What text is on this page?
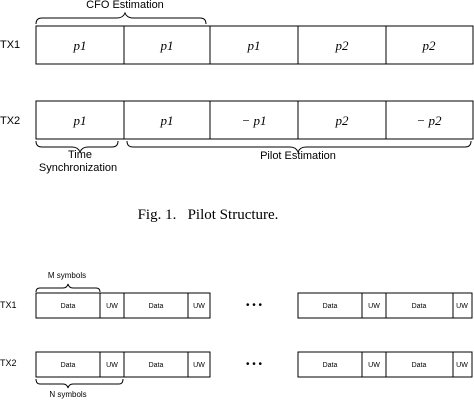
CFO Estimation
TX1	p1	p1	p1	p2	p2
TX2	p1	p1	− p1	p2	− p2
Time
Synchronization
Pilot Estimation
Fig. 1.   Pilot Structure.
M symbols
TX1	Data	UW	Data	UW	Data	UW	Data	UW
• • •
TX2	Data	UW	Data	UW	Data	UW	Data	UW
• • •
N symbols
